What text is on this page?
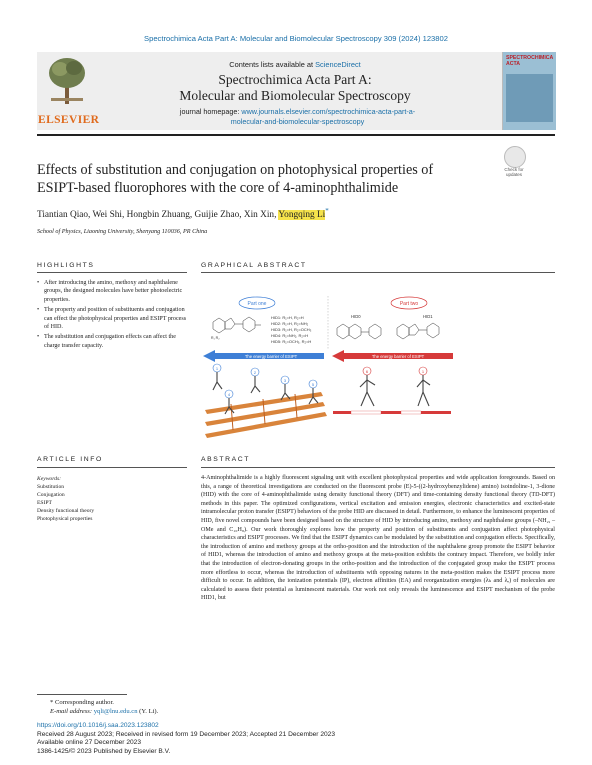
Spectrochimica Acta Part A: Molecular and Biomolecular Spectroscopy 309 (2024) 123802
ELSEVIER
Contents lists available at ScienceDirect
Spectrochimica Acta Part A:
Molecular and Biomolecular Spectroscopy
journal homepage: www.journals.elsevier.com/spectrochimica-acta-part-a-
molecular-and-biomolecular-spectroscopy
SPECTROCHIMICA ACTA
Effects of substitution and conjugation on photophysical properties of
ESIPT-based fluorophores with the core of 4-aminophthalimide
Check for
updates
Tiantian Qiao, Wei Shi, Hongbin Zhuang, Guijie Zhao, Xin Xin, Yongqing Li*
School of Physics, Liaoning University, Shenyang 110036, PR China
HIGHLIGHTS	GRAPHICAL ABSTRACT
• After introducing the amino, methoxy and naphthalene groups, the designed molecules have better photoelectric properties.
• The property and position of substituents and conjugation can effect the photophysical properties and ESIPT process of HID.
• The substitution and conjugation effects can affect the charge transfer capacity.
Part one	Part two
R₁ R₂
HID1: R₁=H, R₂=H
HID2: R₁=H, R₂=NH₂
HID3: R₁=H, R₂=OCH₃
HID4: R₁=NH₂, R₂=H
HID5: R₁=OCH₃, R₂=H
HID0	HID1
The energy barrier of ESIPT	The energy barrier of ESIPT
1
2
3
4
5
6	1
ARTICLE INFO	ABSTRACT
Keywords:
Substitution
Conjugation
ESIPT
Density functional theory
Photophysical properties

4-Aminophthalimide is a highly fluorescent signaling unit with excellent photophysical properties and wide application foregrounds. Based on this, a range of theoretical investigations are conducted on the fluorescent probe (E)-5-((2-hydroxybenzylidene) amino) isoindoline-1, 3-dione (HID) with the core of 4-aminophthalimide using density functional theory (DFT) and time-containing density functional theory (TD-DFT) methods in this paper. The optimized configurations, vertical excitation and emission energies, electronic characteristics and excited-state intramolecular proton transfer (ESIPT) behaviors of the probe HID are discussed in detail. Furthermore, to enhance the luminescent properties of HID, five novel compounds have been designed based on the structure of HID by introducing amino, methoxy and naphthalene groups (–NH₂, –OMe and C₁₀H₈). Our work thoroughly explores how the property and position of substituents and conjugation affect photophysical characteristics and ESIPT processes. We find that the ESIPT dynamics can be modulated by the substitution and conjugation effects. Specifically, the introduction of amino and methoxy groups at the ortho-position and the introduction of the naphthalene group promote the ESIPT behavior of HID1, whereas the introduction of amino and methoxy groups at the meta-position exhibits the contrary impact. Therefore, we boldly infer that the introduction of electron-donating groups in the ortho-position and the introduction of the conjugated group make the ESIPT process more effortless to occur, whereas the introduction of substituents with opposing natures in the meta-position makes the ESIPT process more difficult to occur. In addition, the ionization potentials (IP), electron affinities (EA) and reorganization energies (λₕ and λₑ) of molecules are calculated to assess their potential as luminescent materials. Our work not only reveals the luminescence and ESIPT mechanism of the probe HID1, but

* Corresponding author.
E-mail address: yqli@lnu.edu.cn (Y. Li).
https://doi.org/10.1016/j.saa.2023.123802
Received 28 August 2023; Received in revised form 19 December 2023; Accepted 21 December 2023
Available online 27 December 2023
1386-1425/© 2023 Published by Elsevier B.V.
